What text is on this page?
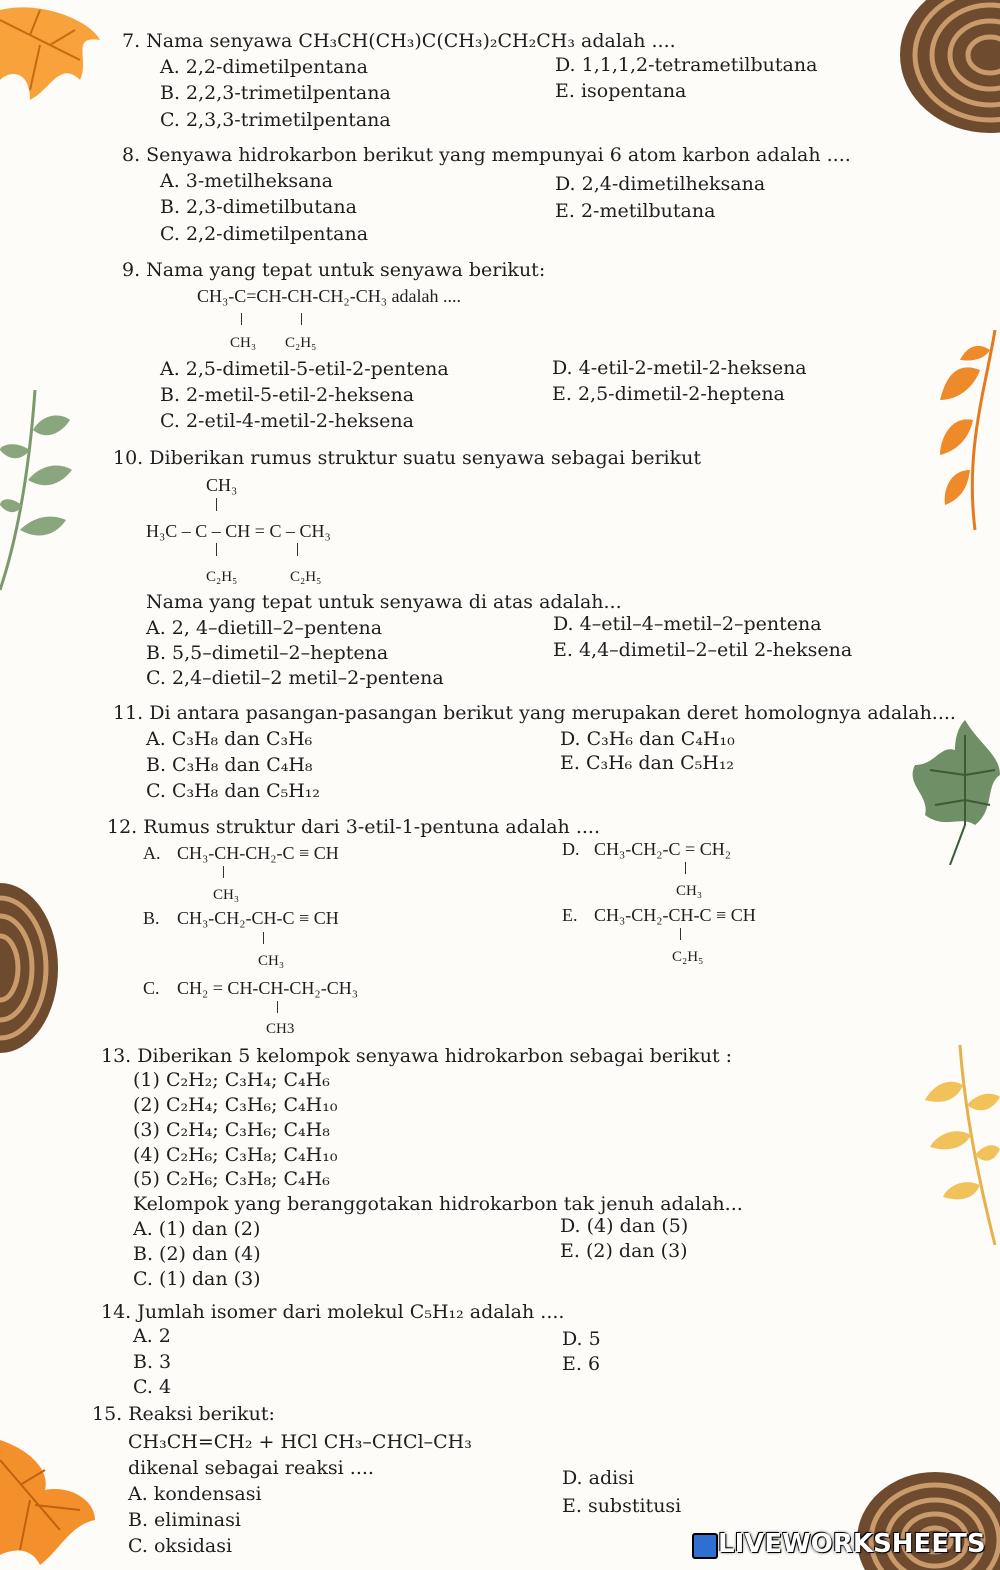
7. Nama senyawa CH₃CH(CH₃)C(CH₃)₂CH₂CH₃ adalah ....
A. 2,2-dimetilpentana
B. 2,2,3-trimetilpentana
C. 2,3,3-trimetilpentana
D. 1,1,1,2-tetrametilbutana
E. isopentana
8. Senyawa hidrokarbon berikut yang mempunyai 6 atom karbon adalah ....
A. 3-metilheksana
B. 2,3-dimetilbutana
C. 2,2-dimetilpentana
D. 2,4-dimetilheksana
E. 2-metilbutana
9. Nama yang tepat untuk senyawa berikut:
CH₃-C=CH-CH-CH₂-CH₃ adalah ....
CH₃ C₂H₅
A. 2,5-dimetil-5-etil-2-pentena
B. 2-metil-5-etil-2-heksena
C. 2-etil-4-metil-2-heksena
D. 4-etil-2-metil-2-heksena
E. 2,5-dimetil-2-heptena
10. Diberikan rumus struktur suatu senyawa sebagai berikut
CH₃
H₃C – C – CH = C – CH₃
C₂H₅	C₂H₅
Nama yang tepat untuk senyawa di atas adalah...
A. 2, 4–dietill–2–pentena
B. 5,5–dimetil–2–heptena
C. 2,4–dietil–2 metil–2-pentena
D. 4–etil–4–metil–2–pentena
E. 4,4–dimetil–2–etil 2-heksena
11. Di antara pasangan-pasangan berikut yang merupakan deret homolognya adalah....
A. C₃H₈ dan C₃H₆
B. C₃H₈ dan C₄H₈
C. C₃H₈ dan C₅H₁₂
D. C₃H₆ dan C₄H₁₀
E. C₃H₆ dan C₅H₁₂
12. Rumus struktur dari 3-etil-1-pentuna adalah ....
A. CH₃-CH-CH₂-C ≡ CH
CH₃
B. CH₃-CH₂-CH-C ≡ CH
CH₃
C. CH₂ = CH-CH-CH₂-CH₃
CH3
D. CH₃-CH₂-C = CH₂
CH₃
E. CH₃-CH₂-CH-C ≡ CH
C₂H₅
13. Diberikan 5 kelompok senyawa hidrokarbon sebagai berikut :
(1) C₂H₂; C₃H₄; C₄H₆
(2) C₂H₄; C₃H₆; C₄H₁₀
(3) C₂H₄; C₃H₆; C₄H₈
(4) C₂H₆; C₃H₈; C₄H₁₀
(5) C₂H₆; C₃H₈; C₄H₆
Kelompok yang beranggotakan hidrokarbon tak jenuh adalah...
A. (1) dan (2)
B. (2) dan (4)
C. (1) dan (3)
D. (4) dan (5)
E. (2) dan (3)
14. Jumlah isomer dari molekul C₅H₁₂ adalah ....
A. 2
B. 3
C. 4
D. 5
E. 6
15. Reaksi berikut:
CH₃CH=CH₂ + HCl CH₃–CHCl–CH₃
dikenal sebagai reaksi ....
A. kondensasi
B. eliminasi
C. oksidasi
D. adisi
E. substitusi
LIVEWORKSHEETS
